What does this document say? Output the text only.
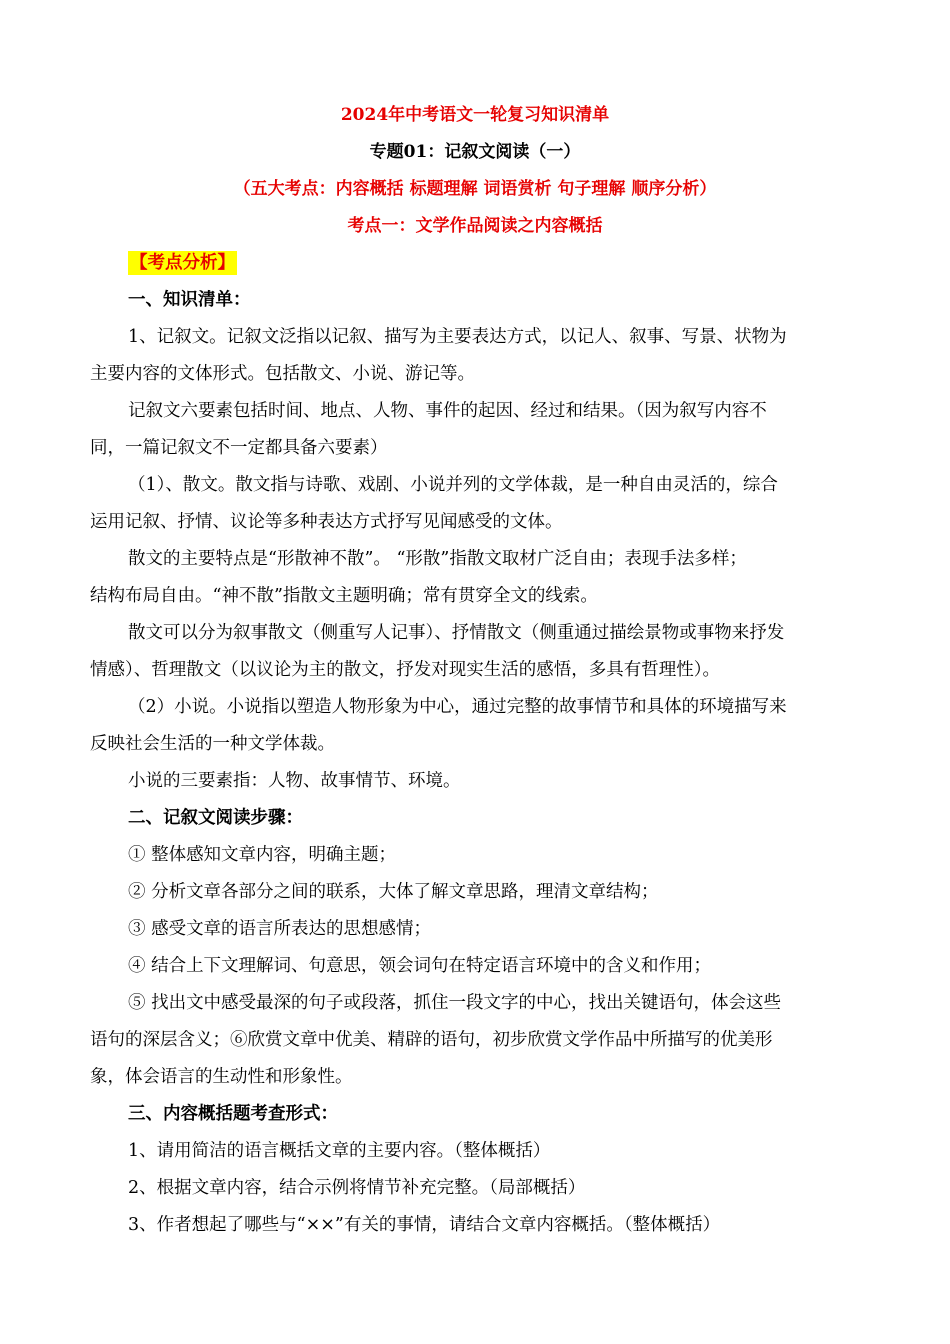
2024年中考语文一轮复习知识清单
专题01：记叙文阅读（一）
（五大考点：内容概括 标题理解 词语赏析 句子理解 顺序分析）
考点一：文学作品阅读之内容概括
【考点分析】
一、知识清单：
1、记叙文。记叙文泛指以记叙、描写为主要表达方式，以记人、叙事、写景、状物为
主要内容的文体形式。包括散文、小说、游记等。
记叙文六要素包括时间、地点、人物、事件的起因、经过和结果。（因为叙写内容不
同，一篇记叙文不一定都具备六要素）
（1）、散文。散文指与诗歌、戏剧、小说并列的文学体裁，是一种自由灵活的，综合
运用记叙、抒情、议论等多种表达方式抒写见闻感受的文体。
散文的主要特点是“形散神不散”。 “形散”指散文取材广泛自由；表现手法多样；
结构布局自由。“神不散”指散文主题明确；常有贯穿全文的线索。
散文可以分为叙事散文（侧重写人记事）、抒情散文（侧重通过描绘景物或事物来抒发
情感）、哲理散文（以议论为主的散文，抒发对现实生活的感悟，多具有哲理性）。
（2）小说。小说指以塑造人物形象为中心，通过完整的故事情节和具体的环境描写来
反映社会生活的一种文学体裁。
小说的三要素指：人物、故事情节、环境。
二、记叙文阅读步骤：
① 整体感知文章内容，明确主题；
② 分析文章各部分之间的联系，大体了解文章思路，理清文章结构；
③ 感受文章的语言所表达的思想感情；
④ 结合上下文理解词、句意思，领会词句在特定语言环境中的含义和作用；
⑤ 找出文中感受最深的句子或段落，抓住一段文字的中心，找出关键语句，体会这些
语句的深层含义；⑥欣赏文章中优美、精辟的语句，初步欣赏文学作品中所描写的优美形
象，体会语言的生动性和形象性。
三、内容概括题考查形式：
1、请用简洁的语言概括文章的主要内容。（整体概括）
2、根据文章内容，结合示例将情节补充完整。（局部概括）
3、作者想起了哪些与“××”有关的事情，请结合文章内容概括。（整体概括）
